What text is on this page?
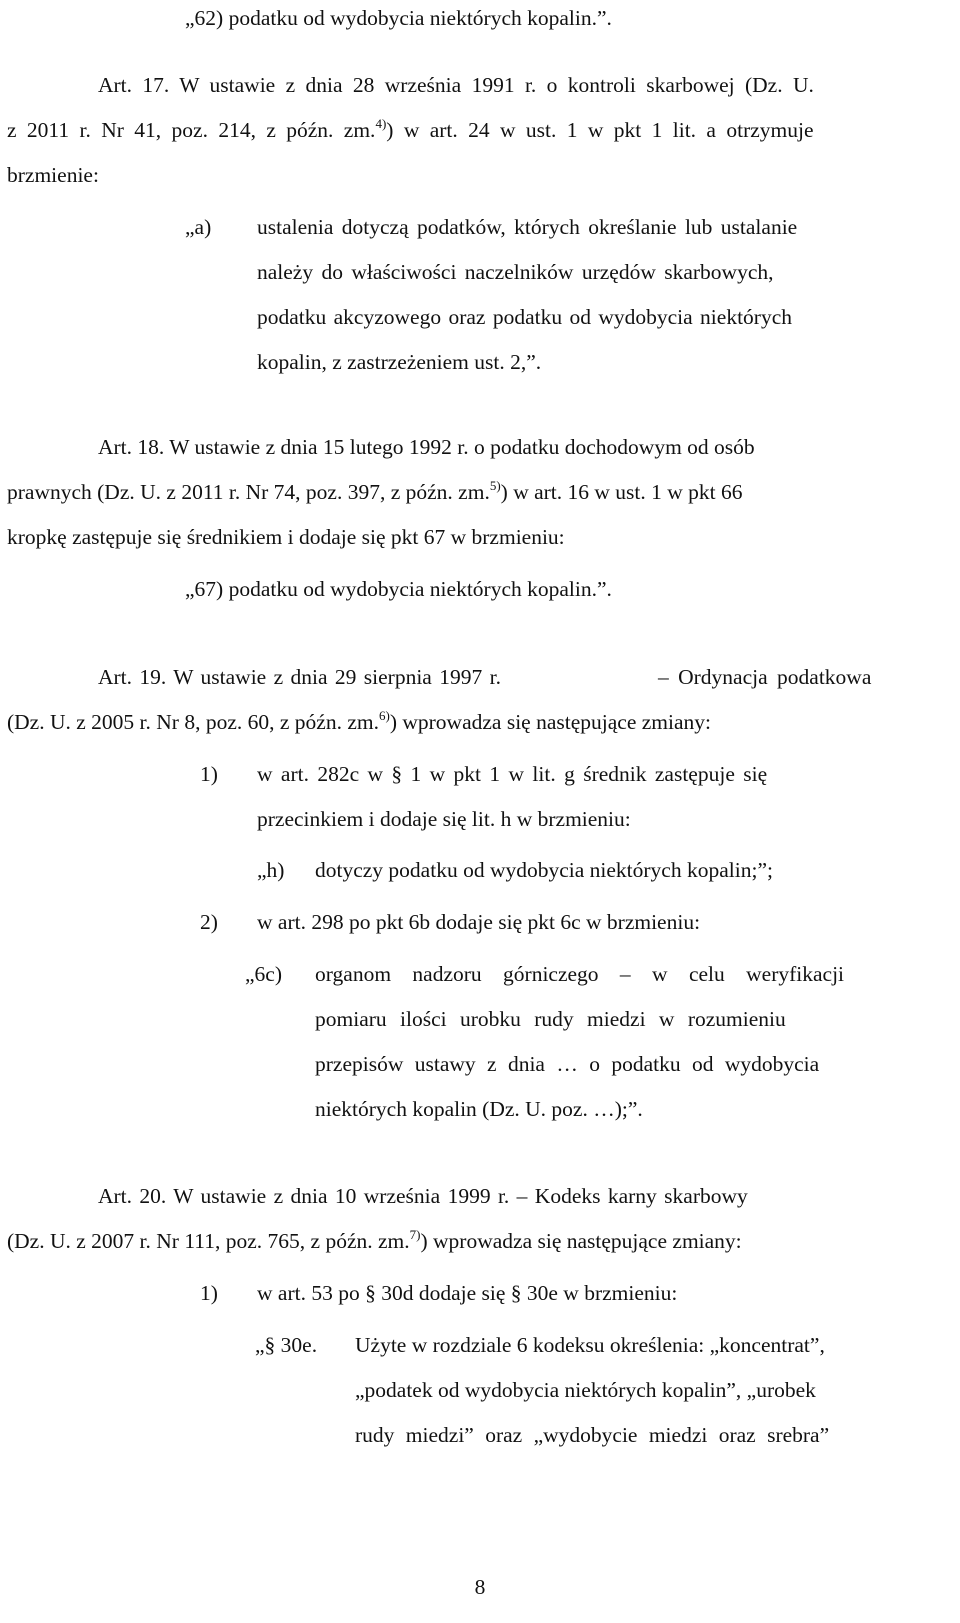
„62) podatku od wydobycia niektórych kopalin.”.
Art. 17. W ustawie z dnia 28 września 1991 r. o kontroli skarbowej (Dz. U.
z 2011 r. Nr 41, poz. 214, z późn. zm.$^{4)}$) w art. 24 w ust. 1 w pkt 1 lit. a otrzymuje
brzmienie:
„a) ustalenia dotyczą podatków, których określanie lub ustalanie
należy do właściwości naczelników urzędów skarbowych,
podatku akcyzowego oraz podatku od wydobycia niektórych
kopalin, z zastrzeżeniem ust. 2,”.
Art. 18. W ustawie z dnia 15 lutego 1992 r. o podatku dochodowym od osób
prawnych (Dz. U. z 2011 r. Nr 74, poz. 397, z późn. zm.$^{5)}$) w art. 16 w ust. 1 w pkt 66
kropkę zastępuje się średnikiem i dodaje się pkt 67 w brzmieniu:
„67) podatku od wydobycia niektórych kopalin.”.
Art. 19. W ustawie z dnia 29 sierpnia 1997 r.	– Ordynacja podatkowa
(Dz. U. z 2005 r. Nr 8, poz. 60, z późn. zm.$^{6)}$) wprowadza się następujące zmiany:
1) w art. 282c w § 1 w pkt 1 w lit. g średnik zastępuje się
przecinkiem i dodaje się lit. h w brzmieniu:
„h) dotyczy podatku od wydobycia niektórych kopalin;”;
2) w art. 298 po pkt 6b dodaje się pkt 6c w brzmieniu:
„6c) organom nadzoru górniczego – w celu weryfikacji
pomiaru ilości urobku rudy miedzi w rozumieniu
przepisów ustawy z dnia … o podatku od wydobycia
niektórych kopalin (Dz. U. poz. …);”.
Art. 20. W ustawie z dnia 10 września 1999 r. – Kodeks karny skarbowy
(Dz. U. z 2007 r. Nr 111, poz. 765, z późn. zm.$^{7)}$) wprowadza się następujące zmiany:
1) w art. 53 po § 30d dodaje się § 30e w brzmieniu:
„§ 30e. Użyte w rozdziale 6 kodeksu określenia: „koncentrat”,
„podatek od wydobycia niektórych kopalin”, „urobek
rudy miedzi” oraz „wydobycie miedzi oraz srebra”
8
